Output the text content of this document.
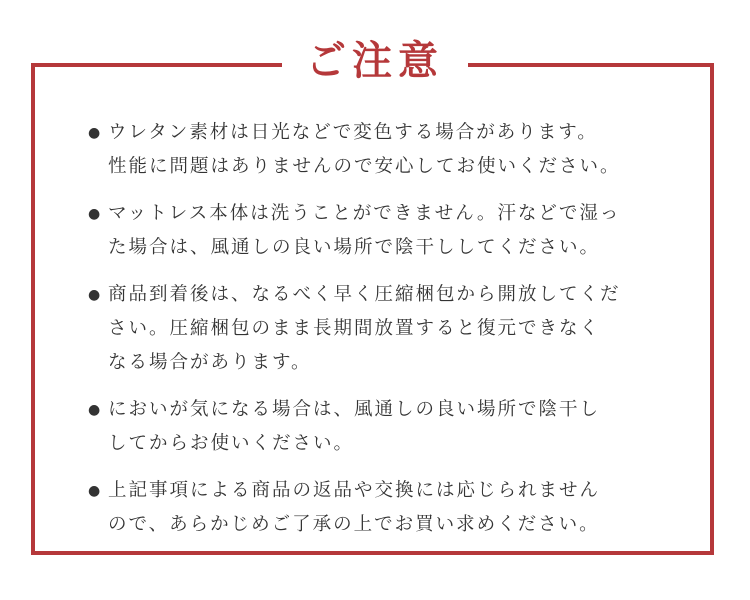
ご注意
● ウレタン素材は日光などで変色する場合があります。
性能に問題はありませんので安心してお使いください。
● マットレス本体は洗うことができません。汗などで湿っ
た場合は、風通しの良い場所で陰干ししてください。
● 商品到着後は、なるべく早く圧縮梱包から開放してくだ
さい。圧縮梱包のまま長期間放置すると復元できなく
なる場合があります。
● においが気になる場合は、風通しの良い場所で陰干し
してからお使いください。
● 上記事項による商品の返品や交換には応じられません
ので、あらかじめご了承の上でお買い求めください。
